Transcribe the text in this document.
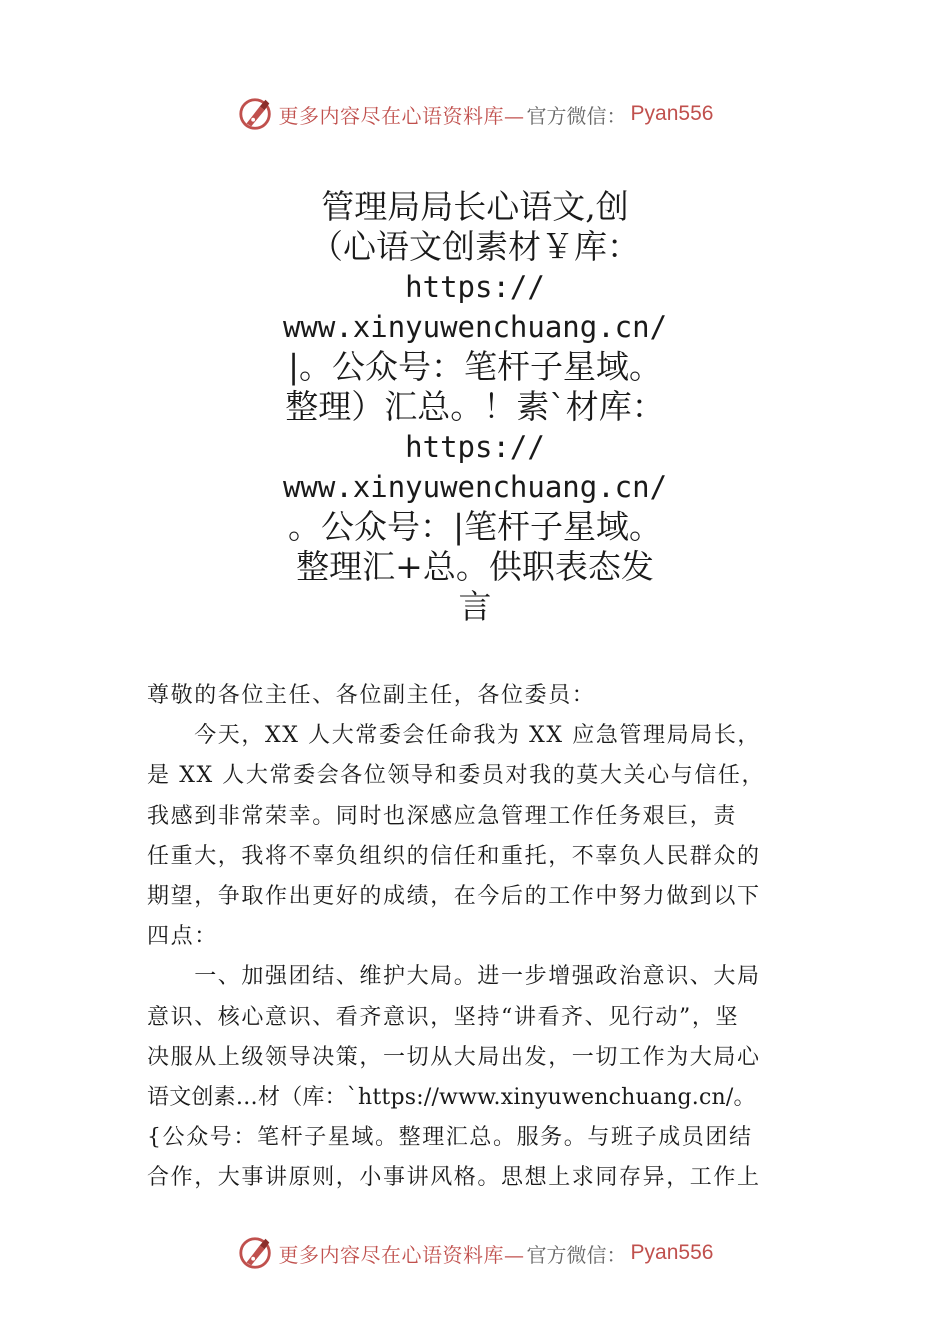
更多内容尽在心语资料库— 官方微信： Pyan556
管理局局长心语文,创
（心语文创素材￥库：
https://
www.xinyuwenchuang.cn/
|。公众号：笔杆子星域。
整理）汇总。！素`材库：
https://
www.xinyuwenchuang.cn/
。公众号：|笔杆子星域。
整理汇+总。供职表态发
言
尊敬的各位主任、各位副主任，各位委员：
　　今天，XX 人大常委会任命我为 XX 应急管理局局长，
是 XX 人大常委会各位领导和委员对我的莫大关心与信任，
我感到非常荣幸。同时也深感应急管理工作任务艰巨，责
任重大，我将不辜负组织的信任和重托，不辜负人民群众的
期望，争取作出更好的成绩，在今后的工作中努力做到以下
四点：
　　一、加强团结、维护大局。进一步增强政治意识、大局
意识、核心意识、看齐意识，坚持“讲看齐、见行动”，坚
决服从上级领导决策，一切从大局出发，一切工作为大局心
语文创素…材（库：`https://www.xinyuwenchuang.cn/。
{公众号：笔杆子星域。整理汇总。服务。与班子成员团结
合作，大事讲原则，小事讲风格。思想上求同存异，工作上
更多内容尽在心语资料库— 官方微信： Pyan556
